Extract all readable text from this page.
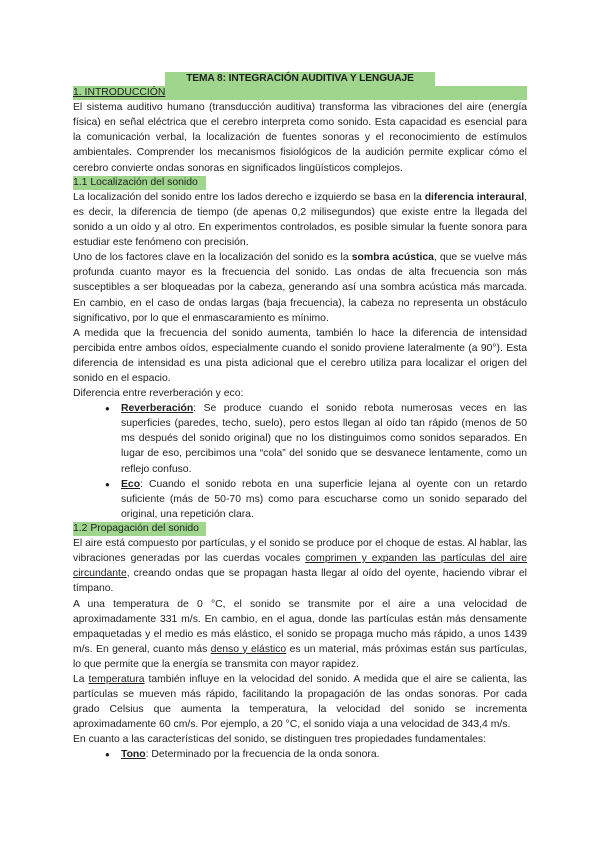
TEMA 8: INTEGRACIÓN AUDITIVA Y LENGUAJE
1. INTRODUCCIÓN

El sistema auditivo humano (transducción auditiva) transforma las vibraciones del aire (energía física) en señal eléctrica que el cerebro interpreta como sonido. Esta capacidad es esencial para la comunicación verbal, la localización de fuentes sonoras y el reconocimiento de estímulos ambientales. Comprender los mecanismos fisiológicos de la audición permite explicar cómo el cerebro convierte ondas sonoras en significados lingüísticos complejos.

1.1 Localización del sonido

La localización del sonido entre los lados derecho e izquierdo se basa en la diferencia interaural, es decir, la diferencia de tiempo (de apenas 0,2 milisegundos) que existe entre la llegada del sonido a un oído y al otro. En experimentos controlados, es posible simular la fuente sonora para estudiar este fenómeno con precisión.

Uno de los factores clave en la localización del sonido es la sombra acústica, que se vuelve más profunda cuanto mayor es la frecuencia del sonido. Las ondas de alta frecuencia son más susceptibles a ser bloqueadas por la cabeza, generando así una sombra acústica más marcada. En cambio, en el caso de ondas largas (baja frecuencia), la cabeza no representa un obstáculo significativo, por lo que el enmascaramiento es mínimo.

A medida que la frecuencia del sonido aumenta, también lo hace la diferencia de intensidad percibida entre ambos oídos, especialmente cuando el sonido proviene lateralmente (a 90°). Esta diferencia de intensidad es una pista adicional que el cerebro utiliza para localizar el origen del sonido en el espacio.

Diferencia entre reverberación y eco:

● Reverberación: Se produce cuando el sonido rebota numerosas veces en las superficies (paredes, techo, suelo), pero estos llegan al oído tan rápido (menos de 50 ms después del sonido original) que no los distinguimos como sonidos separados. En lugar de eso, percibimos una “cola” del sonido que se desvanece lentamente, como un reflejo confuso.
● Eco: Cuando el sonido rebota en una superficie lejana al oyente con un retardo suficiente (más de 50-70 ms) como para escucharse como un sonido separado del original, una repetición clara.
1.2 Propagación del sonido

El aire está compuesto por partículas, y el sonido se produce por el choque de estas. Al hablar, las vibraciones generadas por las cuerdas vocales comprimen y expanden las partículas del aire circundante, creando ondas que se propagan hasta llegar al oído del oyente, haciendo vibrar el tímpano.

A una temperatura de 0 °C, el sonido se transmite por el aire a una velocidad de aproximadamente 331 m/s. En cambio, en el agua, donde las partículas están más densamente empaquetadas y el medio es más elástico, el sonido se propaga mucho más rápido, a unos 1439 m/s. En general, cuanto más denso y elástico es un material, más próximas están sus partículas, lo que permite que la energía se transmita con mayor rapidez.

La temperatura también influye en la velocidad del sonido. A medida que el aire se calienta, las partículas se mueven más rápido, facilitando la propagación de las ondas sonoras. Por cada grado Celsius que aumenta la temperatura, la velocidad del sonido se incrementa aproximadamente 60 cm/s. Por ejemplo, a 20 °C, el sonido viaja a una velocidad de 343,4 m/s.

En cuanto a las características del sonido, se distinguen tres propiedades fundamentales:

● Tono: Determinado por la frecuencia de la onda sonora.
